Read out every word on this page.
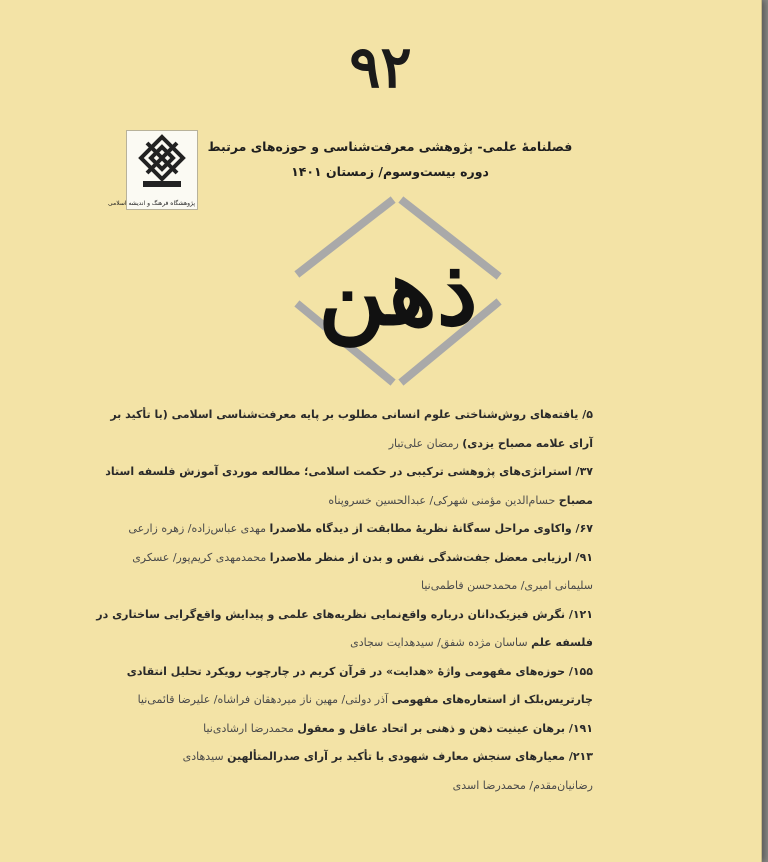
۹۲
پژوهشگاه فرهنگ و اندیشه اسلامی
فصلنامهٔ علمی- پژوهشی معرفت‌شناسی و حوزه‌های مرتبط
دوره بیست‌وسوم/ زمستان ۱۴۰۱
ذهن
۵/ یافته‌های روش‌شناختی علوم انسانی مطلوب بر پایه معرفت‌شناسی اسلامی (با تأکید بر
آرای علامه مصباح یزدی) رمضان علی‌تبار
۳۷/ استراتژی‌های پژوهشی ترکیبی در حکمت اسلامی؛ مطالعه موردی آموزش فلسفه استاد
مصباح حسام‌الدین مؤمنی شهرکی/ عبدالحسین خسروپناه
۶۷/ واکاوی مراحل سه‌گانهٔ نظریهٔ مطابقت از دیدگاه ملاصدرا مهدی عباس‌زاده/ زهره زارعی
۹۱/ ارزیابی معضل جفت‌شدگی نفس و بدن از منظر ملاصدرا محمدمهدی کریم‌پور/ عسکری
سلیمانی امیری/ محمدحسن فاطمی‌نیا
۱۲۱/ نگرش فیزیک‌دانان درباره واقع‌نمایی نظریه‌های علمی و پیدایش واقع‌گرایی ساختاری در
فلسفه علم ساسان مژده شفق/ سیدهدایت سجادی
۱۵۵/ حوزه‌های مفهومی واژهٔ «هدایت» در قرآن کریم در چارچوب رویکرد تحلیل انتقادی
چارتریس‌بلک از استعاره‌های مفهومی آذر دولتی/ مهین ناز میردهقان فراشاه/ علیرضا قائمی‌نیا
۱۹۱/ برهان عینیت ذهن و ذهنی بر اتحاد عاقل و معقول محمدرضا ارشادی‌نیا
۲۱۳/ معیارهای سنجش معارف شهودی با تأکید بر آرای صدرالمتألهین سیدهادی
رضانیان‌مقدم/ محمدرضا اسدی
